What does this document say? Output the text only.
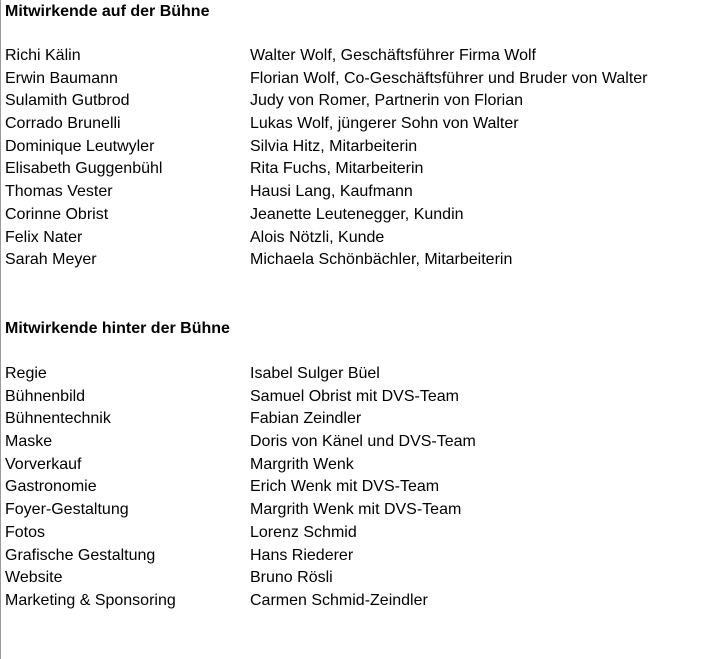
Mitwirkende auf der Bühne
Richi Kälin	Walter Wolf, Geschäftsführer Firma Wolf
Erwin Baumann	Florian Wolf, Co-Geschäftsführer und Bruder von Walter
Sulamith Gutbrod	Judy von Romer, Partnerin von Florian
Corrado Brunelli	Lukas Wolf, jüngerer Sohn von Walter
Dominique Leutwyler	Silvia Hitz, Mitarbeiterin
Elisabeth Guggenbühl	Rita Fuchs, Mitarbeiterin
Thomas Vester	Hausi Lang, Kaufmann
Corinne Obrist	Jeanette Leutenegger, Kundin
Felix Nater	Alois Nötzli, Kunde
Sarah Meyer	Michaela Schönbächler, Mitarbeiterin
Mitwirkende hinter der Bühne
Regie	Isabel Sulger Büel
Bühnenbild	Samuel Obrist mit DVS-Team
Bühnentechnik	Fabian Zeindler
Maske	Doris von Känel und DVS-Team
Vorverkauf	Margrith Wenk
Gastronomie	Erich Wenk mit DVS-Team
Foyer-Gestaltung	Margrith Wenk mit DVS-Team
Fotos	Lorenz Schmid
Grafische Gestaltung	Hans Riederer
Website	Bruno Rösli
Marketing & Sponsoring	Carmen Schmid-Zeindler
